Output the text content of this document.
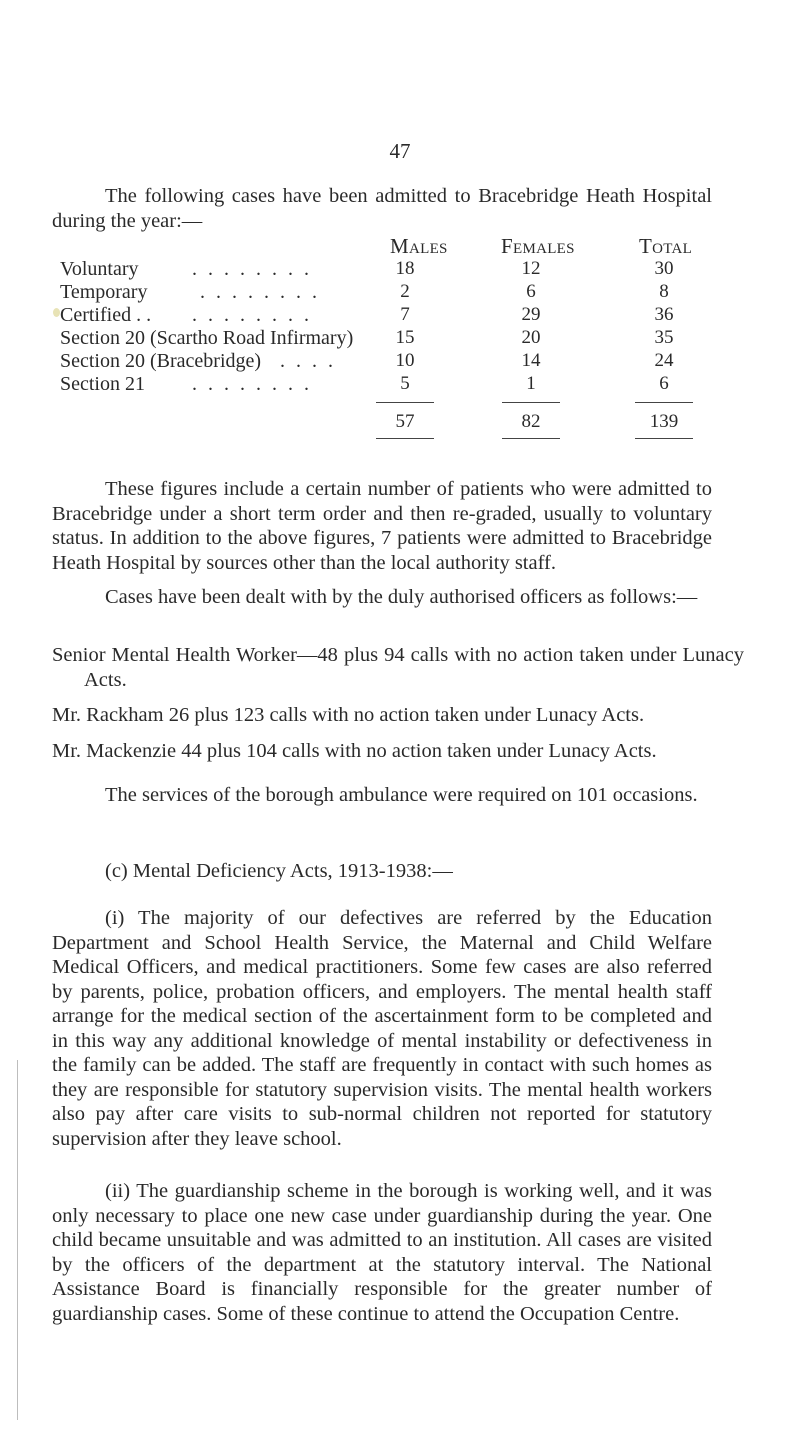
47

The following cases have been admitted to Bracebridge Heath Hospital during the year:—

Males	Females	Total
Voluntary	. . . . . . . .	18	12	30
Temporary	. . . . . . . .	2	6	8
Certified . . . . . . . . . .	7	29	36
Section 20 (Scartho Road Infirmary)	15	20	35
Section 20 (Bracebridge) . . . .	10	14	24
Section 21 . . . . . . . .	5	1	6
57	82	139

These figures include a certain number of patients who were admitted to Bracebridge under a short term order and then re-graded, usually to voluntary status. In addition to the above figures, 7 patients were admitted to Bracebridge Heath Hospital by sources other than the local authority staff.

Cases have been dealt with by the duly authorised officers as follows:—

Senior Mental Health Worker—48 plus 94 calls with no action taken under Lunacy Acts.

Mr. Rackham 26 plus 123 calls with no action taken under Lunacy Acts.

Mr. Mackenzie 44 plus 104 calls with no action taken under Lunacy Acts.

The services of the borough ambulance were required on 101 occasions.

(c) Mental Deficiency Acts, 1913-1938:—

(i) The majority of our defectives are referred by the Education Department and School Health Service, the Maternal and Child Welfare Medical Officers, and medical practitioners. Some few cases are also referred by parents, police, probation officers, and employers. The mental health staff arrange for the medical section of the ascertainment form to be completed and in this way any additional knowledge of mental instability or defectiveness in the family can be added. The staff are frequently in contact with such homes as they are responsible for statutory supervision visits. The mental health workers also pay after care visits to sub-normal children not reported for statutory supervision after they leave school.

(ii) The guardianship scheme in the borough is working well, and it was only necessary to place one new case under guardianship during the year. One child became unsuitable and was admitted to an institution. All cases are visited by the officers of the department at the statutory interval. The National Assistance Board is financially responsible for the greater number of guardianship cases. Some of these continue to attend the Occupation Centre.
